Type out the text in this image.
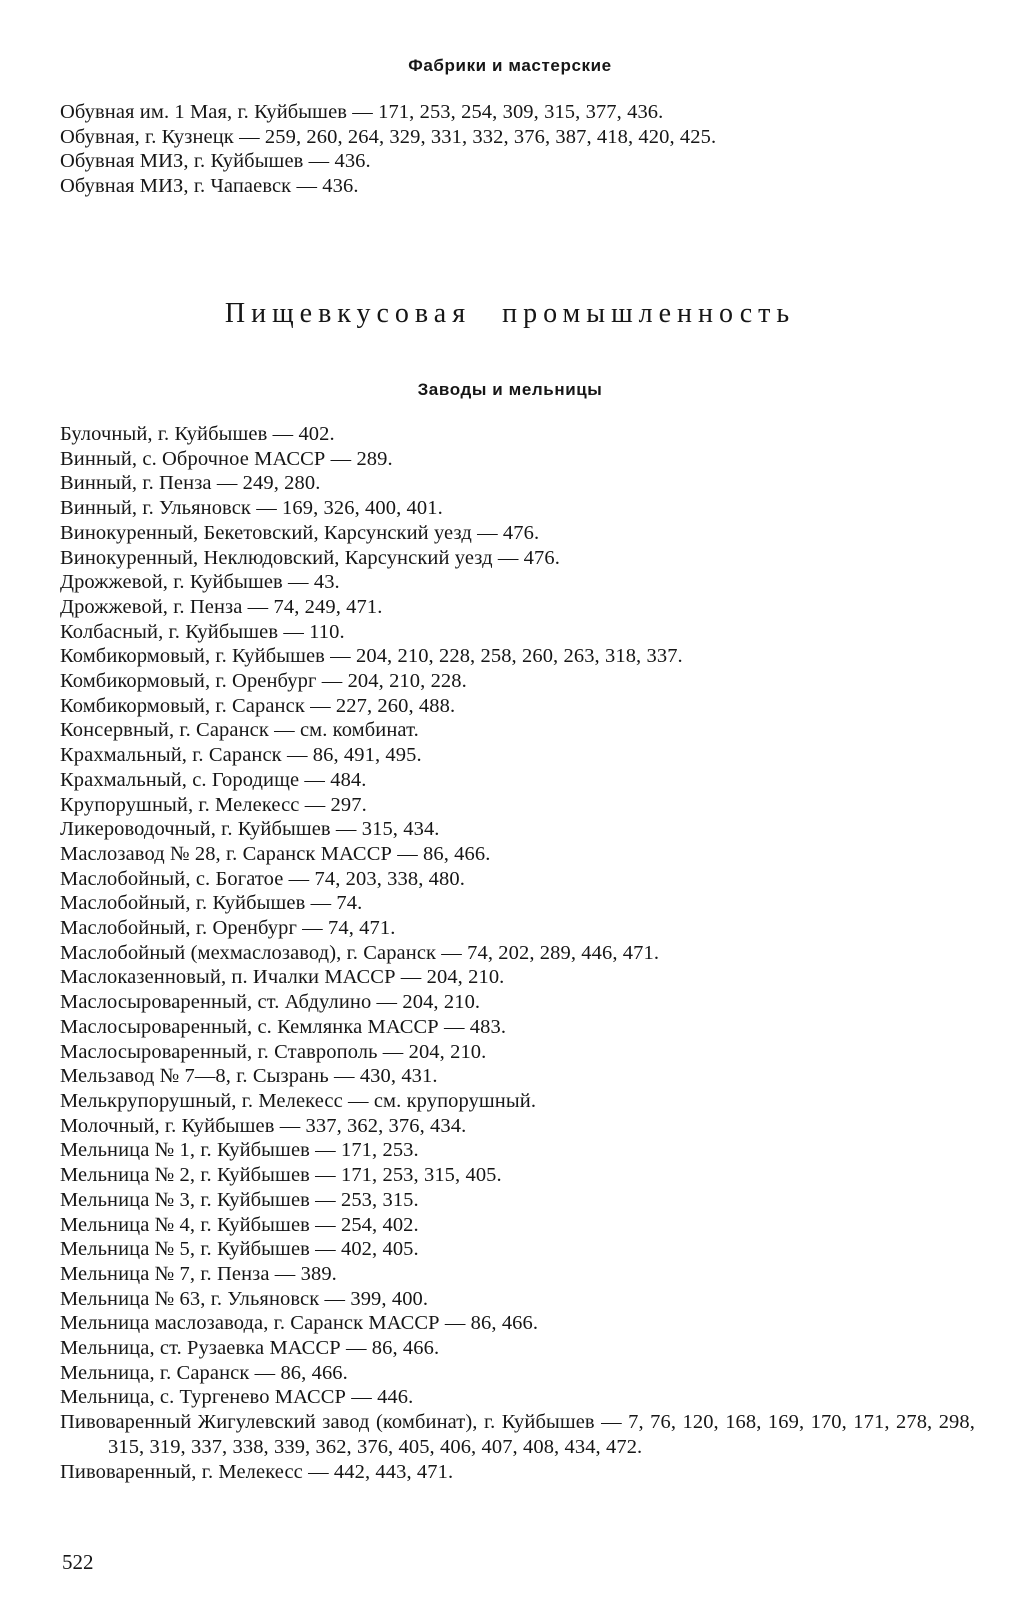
Фабрики и мастерские
Обувная им. 1 Мая, г. Куйбышев — 171, 253, 254, 309, 315, 377, 436.
Обувная, г. Кузнецк — 259, 260, 264, 329, 331, 332, 376, 387, 418, 420, 425.
Обувная МИЗ, г. Куйбышев — 436.
Обувная МИЗ, г. Чапаевск — 436.
Пищевкусовая промышленность
Заводы и мельницы
Булочный, г. Куйбышев — 402.
Винный, с. Оброчное МАССР — 289.
Винный, г. Пенза — 249, 280.
Винный, г. Ульяновск — 169, 326, 400, 401.
Винокуренный, Бекетовский, Карсунский уезд — 476.
Винокуренный, Неклюдовский, Карсунский уезд — 476.
Дрожжевой, г. Куйбышев — 43.
Дрожжевой, г. Пенза — 74, 249, 471.
Колбасный, г. Куйбышев — 110.
Комбикормовый, г. Куйбышев — 204, 210, 228, 258, 260, 263, 318, 337.
Комбикормовый, г. Оренбург — 204, 210, 228.
Комбикормовый, г. Саранск — 227, 260, 488.
Консервный, г. Саранск — см. комбинат.
Крахмальный, г. Саранск — 86, 491, 495.
Крахмальный, с. Городище — 484.
Крупорушный, г. Мелекесс — 297.
Ликероводочный, г. Куйбышев — 315, 434.
Маслозавод № 28, г. Саранск МАССР — 86, 466.
Маслобойный, с. Богатое — 74, 203, 338, 480.
Маслобойный, г. Куйбышев — 74.
Маслобойный, г. Оренбург — 74, 471.
Маслобойный (мехмаслозавод), г. Саранск — 74, 202, 289, 446, 471.
Маслоказенновый, п. Ичалки МАССР — 204, 210.
Маслосыроваренный, ст. Абдулино — 204, 210.
Маслосыроваренный, с. Кемлянка МАССР — 483.
Маслосыроваренный, г. Ставрополь — 204, 210.
Мельзавод № 7—8, г. Сызрань — 430, 431.
Мелькрупорушный, г. Мелекесс — см. крупорушный.
Молочный, г. Куйбышев — 337, 362, 376, 434.
Мельница № 1, г. Куйбышев — 171, 253.
Мельница № 2, г. Куйбышев — 171, 253, 315, 405.
Мельница № 3, г. Куйбышев — 253, 315.
Мельница № 4, г. Куйбышев — 254, 402.
Мельница № 5, г. Куйбышев — 402, 405.
Мельница № 7, г. Пенза — 389.
Мельница № 63, г. Ульяновск — 399, 400.
Мельница маслозавода, г. Саранск МАССР — 86, 466.
Мельница, ст. Рузаевка МАССР — 86, 466.
Мельница, г. Саранск — 86, 466.
Мельница, с. Тургенево МАССР — 446.
Пивоваренный Жигулевский завод (комбинат), г. Куйбышев — 7, 76, 120, 168, 169, 170, 171, 278, 298, 315, 319, 337, 338, 339, 362, 376, 405, 406, 407, 408, 434, 472.
Пивоваренный, г. Мелекесс — 442, 443, 471.
522
